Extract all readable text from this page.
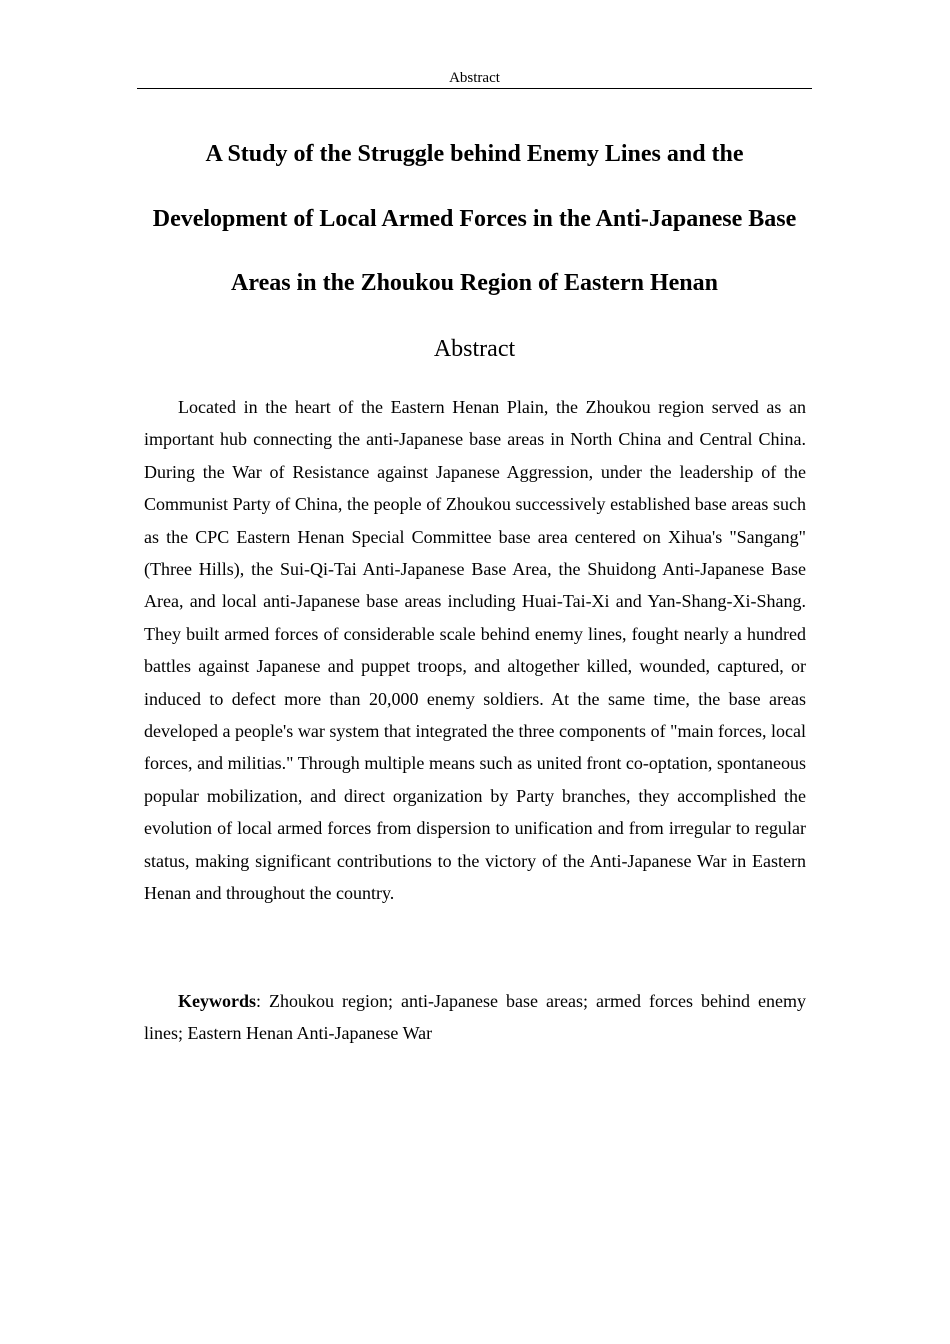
Abstract
A Study of the Struggle behind Enemy Lines and the Development of Local Armed Forces in the Anti-Japanese Base Areas in the Zhoukou Region of Eastern Henan
Abstract

Located in the heart of the Eastern Henan Plain, the Zhoukou region served as an important hub connecting the anti-Japanese base areas in North China and Central China. During the War of Resistance against Japanese Aggression, under the leadership of the Communist Party of China, the people of Zhoukou successively established base areas such as the CPC Eastern Henan Special Committee base area centered on Xihua's "Sangang" (Three Hills), the Sui-Qi-Tai Anti-Japanese Base Area, the Shuidong Anti-Japanese Base Area, and local anti-Japanese base areas including Huai-Tai-Xi and Yan-Shang-Xi-Shang. They built armed forces of considerable scale behind enemy lines, fought nearly a hundred battles against Japanese and puppet troops, and altogether killed, wounded, captured, or induced to defect more than 20,000 enemy soldiers. At the same time, the base areas developed a people's war system that integrated the three components of "main forces, local forces, and militias." Through multiple means such as united front co-optation, spontaneous popular mobilization, and direct organization by Party branches, they accomplished the evolution of local armed forces from dispersion to unification and from irregular to regular status, making significant contributions to the victory of the Anti-Japanese War in Eastern Henan and throughout the country.

Keywords: Zhoukou region; anti-Japanese base areas; armed forces behind enemy lines; Eastern Henan Anti-Japanese War
